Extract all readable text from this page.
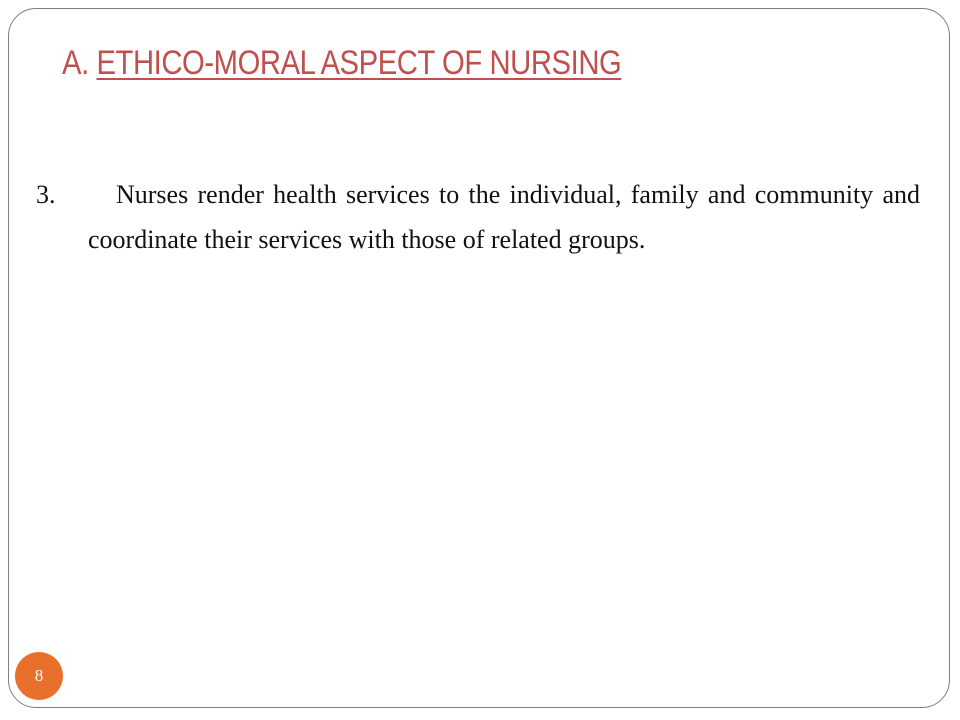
A. ETHICO-MORAL ASPECT OF NURSING

3. Nurses render health services to the individual, family and community and coordinate their services with those of related groups.

8
